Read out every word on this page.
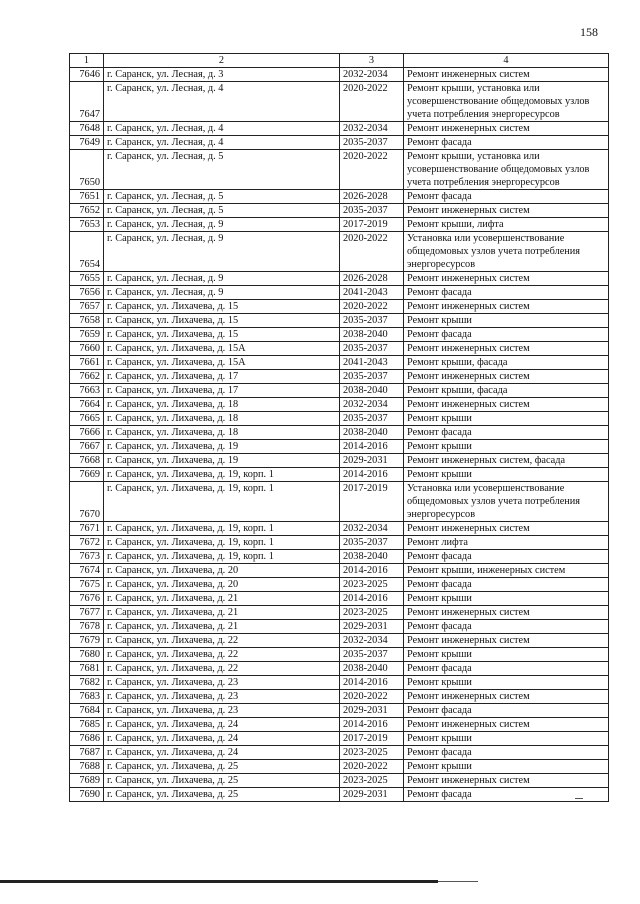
158
1	2	3	4
7646	г. Саранск, ул. Лесная, д. 3	2032-2034	Ремонт инженерных систем
7647	г. Саранск, ул. Лесная, д. 4	2020-2022	Ремонт крыши, установка или усовершенствование общедомовых узлов учета потребления энергоресурсов
7648	г. Саранск, ул. Лесная, д. 4	2032-2034	Ремонт инженерных систем
7649	г. Саранск, ул. Лесная, д. 4	2035-2037	Ремонт фасада
7650	г. Саранск, ул. Лесная, д. 5	2020-2022	Ремонт крыши, установка или усовершенствование общедомовых узлов учета потребления энергоресурсов
7651	г. Саранск, ул. Лесная, д. 5	2026-2028	Ремонт фасада
7652	г. Саранск, ул. Лесная, д. 5	2035-2037	Ремонт инженерных систем
7653	г. Саранск, ул. Лесная, д. 9	2017-2019	Ремонт крыши, лифта
7654	г. Саранск, ул. Лесная, д. 9	2020-2022	Установка или усовершенствование общедомовых узлов учета потребления энергоресурсов
7655	г. Саранск, ул. Лесная, д. 9	2026-2028	Ремонт инженерных систем
7656	г. Саранск, ул. Лесная, д. 9	2041-2043	Ремонт фасада
7657	г. Саранск, ул. Лихачева, д. 15	2020-2022	Ремонт инженерных систем
7658	г. Саранск, ул. Лихачева, д. 15	2035-2037	Ремонт крыши
7659	г. Саранск, ул. Лихачева, д. 15	2038-2040	Ремонт фасада
7660	г. Саранск, ул. Лихачева, д. 15А	2035-2037	Ремонт инженерных систем
7661	г. Саранск, ул. Лихачева, д. 15А	2041-2043	Ремонт крыши, фасада
7662	г. Саранск, ул. Лихачева, д. 17	2035-2037	Ремонт инженерных систем
7663	г. Саранск, ул. Лихачева, д. 17	2038-2040	Ремонт крыши, фасада
7664	г. Саранск, ул. Лихачева, д. 18	2032-2034	Ремонт инженерных систем
7665	г. Саранск, ул. Лихачева, д. 18	2035-2037	Ремонт крыши
7666	г. Саранск, ул. Лихачева, д. 18	2038-2040	Ремонт фасада
7667	г. Саранск, ул. Лихачева, д. 19	2014-2016	Ремонт крыши
7668	г. Саранск, ул. Лихачева, д. 19	2029-2031	Ремонт инженерных систем, фасада
7669	г. Саранск, ул. Лихачева, д. 19, корп. 1	2014-2016	Ремонт крыши
7670	г. Саранск, ул. Лихачева, д. 19, корп. 1	2017-2019	Установка или усовершенствование общедомовых узлов учета потребления энергоресурсов
7671	г. Саранск, ул. Лихачева, д. 19, корп. 1	2032-2034	Ремонт инженерных систем
7672	г. Саранск, ул. Лихачева, д. 19, корп. 1	2035-2037	Ремонт лифта
7673	г. Саранск, ул. Лихачева, д. 19, корп. 1	2038-2040	Ремонт фасада
7674	г. Саранск, ул. Лихачева, д. 20	2014-2016	Ремонт крыши, инженерных систем
7675	г. Саранск, ул. Лихачева, д. 20	2023-2025	Ремонт фасада
7676	г. Саранск, ул. Лихачева, д. 21	2014-2016	Ремонт крыши
7677	г. Саранск, ул. Лихачева, д. 21	2023-2025	Ремонт инженерных систем
7678	г. Саранск, ул. Лихачева, д. 21	2029-2031	Ремонт фасада
7679	г. Саранск, ул. Лихачева, д. 22	2032-2034	Ремонт инженерных систем
7680	г. Саранск, ул. Лихачева, д. 22	2035-2037	Ремонт крыши
7681	г. Саранск, ул. Лихачева, д. 22	2038-2040	Ремонт фасада
7682	г. Саранск, ул. Лихачева, д. 23	2014-2016	Ремонт крыши
7683	г. Саранск, ул. Лихачева, д. 23	2020-2022	Ремонт инженерных систем
7684	г. Саранск, ул. Лихачева, д. 23	2029-2031	Ремонт фасада
7685	г. Саранск, ул. Лихачева, д. 24	2014-2016	Ремонт инженерных систем
7686	г. Саранск, ул. Лихачева, д. 24	2017-2019	Ремонт крыши
7687	г. Саранск, ул. Лихачева, д. 24	2023-2025	Ремонт фасада
7688	г. Саранск, ул. Лихачева, д. 25	2020-2022	Ремонт крыши
7689	г. Саранск, ул. Лихачева, д. 25	2023-2025	Ремонт инженерных систем
7690	г. Саранск, ул. Лихачева, д. 25	2029-2031	Ремонт фасада
